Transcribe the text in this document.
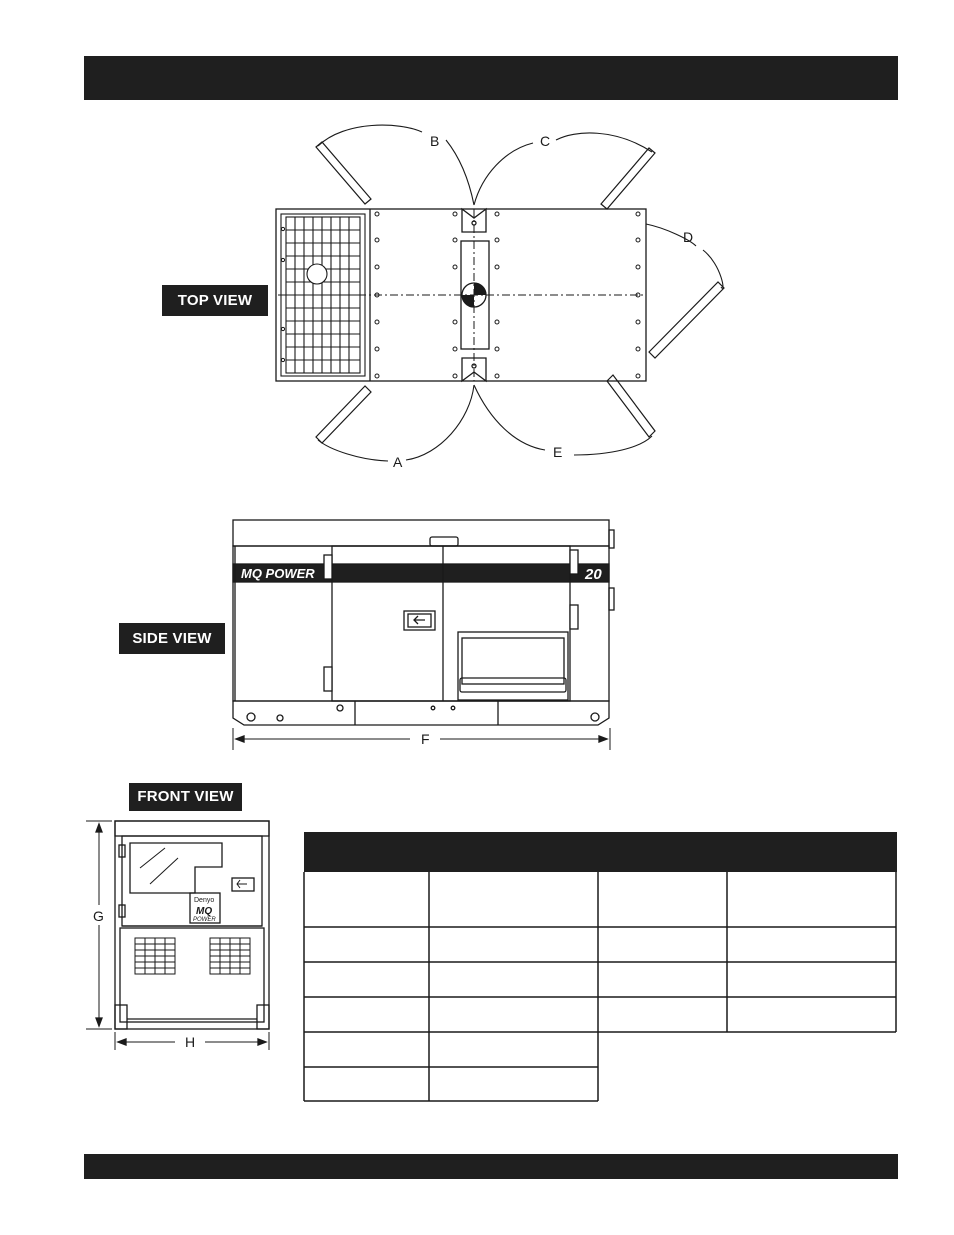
TOP VIEW
SIDE VIEW
FRONT VIEW
B	C
D
A
E
MQ POWER	20
F
Denyo
MQ
POWER
G
H
